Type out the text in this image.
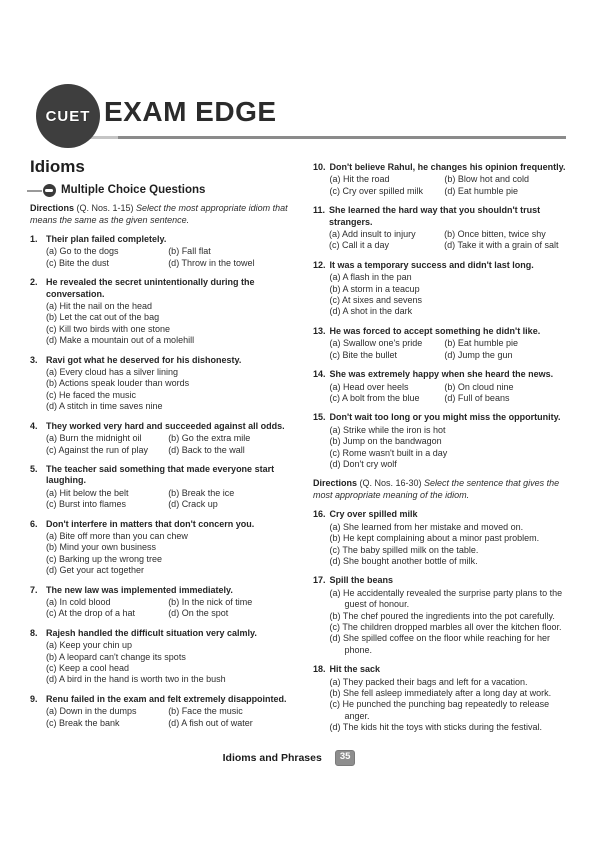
CUET EXAM EDGE
Idioms
Multiple Choice Questions
Directions (Q. Nos. 1-15) Select the most appropriate idiom that means the same as the given sentence.
1. Their plan failed completely.
(a) Go to the dogs	(b) Fall flat
(c) Bite the dust	(d) Throw in the towel
2. He revealed the secret unintentionally during the conversation.
(a) Hit the nail on the head
(b) Let the cat out of the bag
(c) Kill two birds with one stone
(d) Make a mountain out of a molehill
3. Ravi got what he deserved for his dishonesty.
(a) Every cloud has a silver lining
(b) Actions speak louder than words
(c) He faced the music
(d) A stitch in time saves nine
4. They worked very hard and succeeded against all odds.
(a) Burn the midnight oil	(b) Go the extra mile
(c) Against the run of play	(d) Back to the wall
5. The teacher said something that made everyone start laughing.
(a) Hit below the belt	(b) Break the ice
(c) Burst into flames	(d) Crack up
6. Don't interfere in matters that don't concern you.
(a) Bite off more than you can chew
(b) Mind your own business
(c) Barking up the wrong tree
(d) Get your act together
7. The new law was implemented immediately.
(a) In cold blood	(b) In the nick of time
(c) At the drop of a hat	(d) On the spot
8. Rajesh handled the difficult situation very calmly.
(a) Keep your chin up
(b) A leopard can't change its spots
(c) Keep a cool head
(d) A bird in the hand is worth two in the bush
9. Renu failed in the exam and felt extremely disappointed.
(a) Down in the dumps	(b) Face the music
(c) Break the bank	(d) A fish out of water
10. Don't believe Rahul, he changes his opinion frequently.
(a) Hit the road	(b) Blow hot and cold
(c) Cry over spilled milk	(d) Eat humble pie
11. She learned the hard way that you shouldn't trust strangers.
(a) Add insult to injury	(b) Once bitten, twice shy
(c) Call it a day	(d) Take it with a grain of salt
12. It was a temporary success and didn't last long.
(a) A flash in the pan
(b) A storm in a teacup
(c) At sixes and sevens
(d) A shot in the dark
13. He was forced to accept something he didn't like.
(a) Swallow one's pride	(b) Eat humble pie
(c) Bite the bullet	(d) Jump the gun
14. She was extremely happy when she heard the news.
(a) Head over heels	(b) On cloud nine
(c) A bolt from the blue	(d) Full of beans
15. Don't wait too long or you might miss the opportunity.
(a) Strike while the iron is hot
(b) Jump on the bandwagon
(c) Rome wasn't built in a day
(d) Don't cry wolf
Directions (Q. Nos. 16-30) Select the sentence that gives the most appropriate meaning of the idiom.
16. Cry over spilled milk
(a) She learned from her mistake and moved on.
(b) He kept complaining about a minor past problem.
(c) The baby spilled milk on the table.
(d) She bought another bottle of milk.
17. Spill the beans
(a) He accidentally revealed the surprise party plans to the guest of honour.
(b) The chef poured the ingredients into the pot carefully.
(c) The children dropped marbles all over the kitchen floor.
(d) She spilled coffee on the floor while reaching for her phone.
18. Hit the sack
(a) They packed their bags and left for a vacation.
(b) She fell asleep immediately after a long day at work.
(c) He punched the punching bag repeatedly to release anger.
(d) The kids hit the toys with sticks during the festival.
Idioms and Phrases	35
